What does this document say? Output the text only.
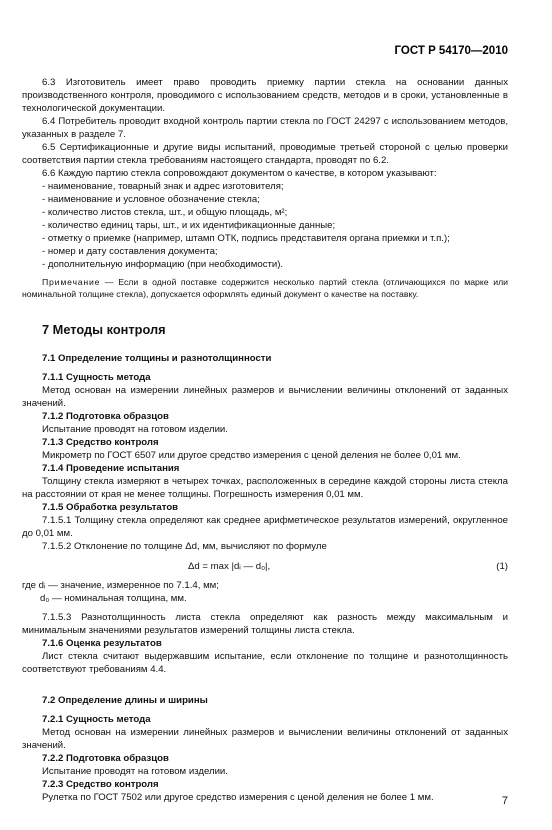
ГОСТ Р 54170—2010

6.3 Изготовитель имеет право проводить приемку партии стекла на основании данных производственного контроля, проводимого с использованием средств, методов и в сроки, установленные в технологической документации.

6.4 Потребитель проводит входной контроль партии стекла по ГОСТ 24297 с использованием методов, указанных в разделе 7.

6.5 Сертификационные и другие виды испытаний, проводимые третьей стороной с целью проверки соответствия партии стекла требованиям настоящего стандарта, проводят по 6.2.

6.6 Каждую партию стекла сопровождают документом о качестве, в котором указывают:

- наименование, товарный знак и адрес изготовителя;

- наименование и условное обозначение стекла;

- количество листов стекла, шт., и общую площадь, м²;

- количество единиц тары, шт., и их идентификационные данные;

- отметку о приемке (например, штамп ОТК, подпись представителя органа приемки и т.п.);

- номер и дату составления документа;

- дополнительную информацию (при необходимости).

Примечание — Если в одной поставке содержится несколько партий стекла (отличающихся по марке или номинальной толщине стекла), допускается оформлять единый документ о качестве на поставку.

7 Методы контроля
7.1 Определение толщины и разнотолщинности

7.1.1 Сущность метода

Метод основан на измерении линейных размеров и вычислении величины отклонений от заданных значений.

7.1.2 Подготовка образцов

Испытание проводят на готовом изделии.

7.1.3 Средство контроля

Микрометр по ГОСТ 6507 или другое средство измерения с ценой деления не более 0,01 мм.

7.1.4 Проведение испытания

Толщину стекла измеряют в четырех точках, расположенных в середине каждой стороны листа стекла на расстоянии от края не менее толщины. Погрешность измерения 0,01 мм.

7.1.5 Обработка результатов

7.1.5.1 Толщину стекла определяют как среднее арифметическое результатов измерений, округленное до 0,01 мм.

7.1.5.2 Отклонение по толщине Δd, мм, вычисляют по формуле

Δd = max |dᵢ — d₀|,	(1)

где dᵢ — значение, измеренное по 7.1.4, мм;

d₀ — номинальная толщина, мм.

7.1.5.3 Разнотолщинность листа стекла определяют как разность между максимальным и минимальным значениями результатов измерений толщины листа стекла.

7.1.6 Оценка результатов

Лист стекла считают выдержавшим испытание, если отклонение по толщине и разнотолщинность соответствуют требованиям 4.4.

7.2 Определение длины и ширины

7.2.1 Сущность метода

Метод основан на измерении линейных размеров и вычислении величины отклонений от заданных значений.

7.2.2 Подготовка образцов

Испытание проводят на готовом изделии.

7.2.3 Средство контроля

Рулетка по ГОСТ 7502 или другое средство измерения с ценой деления не более 1 мм.	7
